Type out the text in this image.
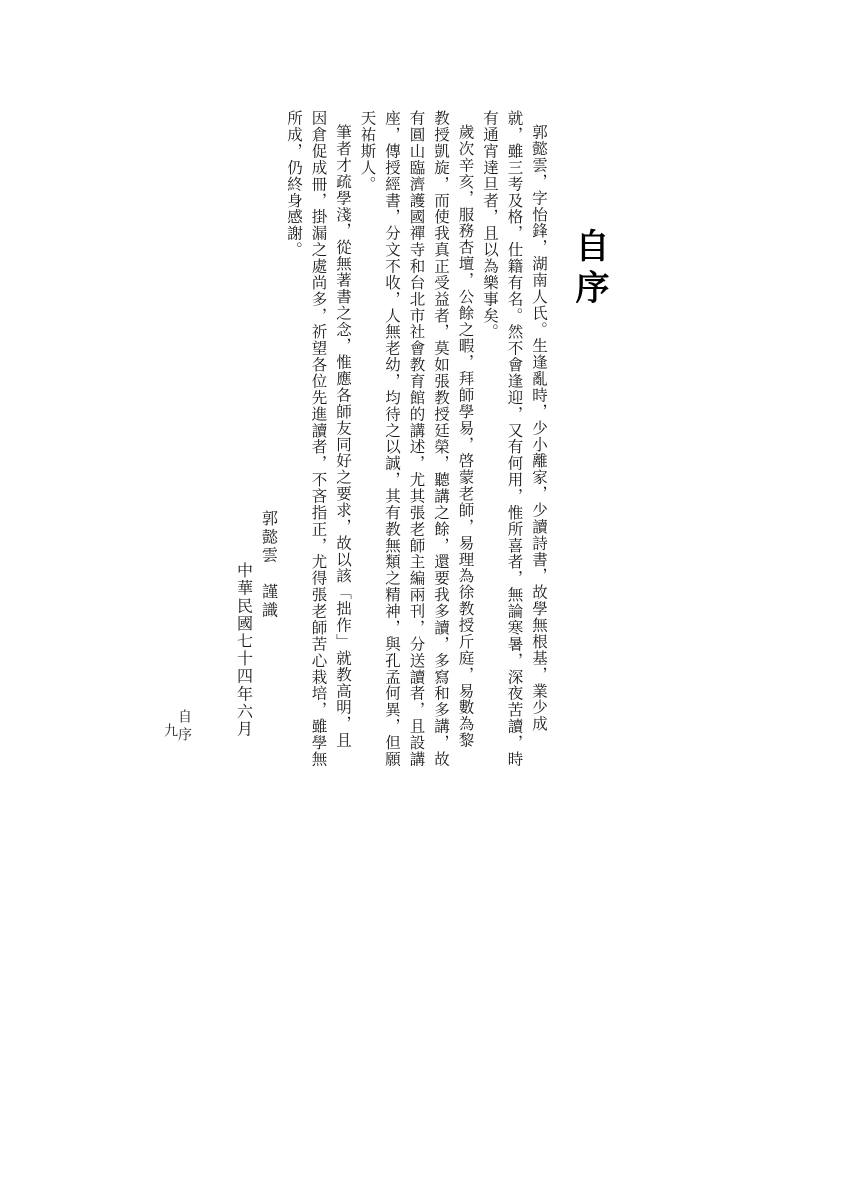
自序
郭懿雲，字怡鋒，湖南人氏。生逢亂時，少小離家，少讀詩書，故學無根基，業少成
就，雖三考及格，仕籍有名。然不會逢迎，又有何用，惟所喜者，無論寒暑，深夜苦讀，時
有通宵達旦者，且以為樂事矣。
歲次辛亥，服務杏壇，公餘之暇，拜師學易，啓蒙老師，易理為徐教授斤庭，易數為黎
教授凱旋，而使我真正受益者，莫如張教授廷榮，聽講之餘，還要我多讀，多寫和多講，故
有圓山臨濟護國禪寺和台北市社會教育館的講述，尤其張老師主編兩刊，分送讀者，且設講
座，傳授經書，分文不收，人無老幼，均待之以誠，其有教無類之精神，與孔孟何異，但願
天祐斯人。
筆者才疏學淺，從無著書之念，惟應各師友同好之要求，故以該「拙作」就教高明，且
因倉促成冊，掛漏之處尚多，祈望各位先進讀者，不吝指正，尤得張老師苦心栽培，雖學無
所成，仍終身感謝。
郭懿雲　謹識
中華民國七十四年六月
自序
九
